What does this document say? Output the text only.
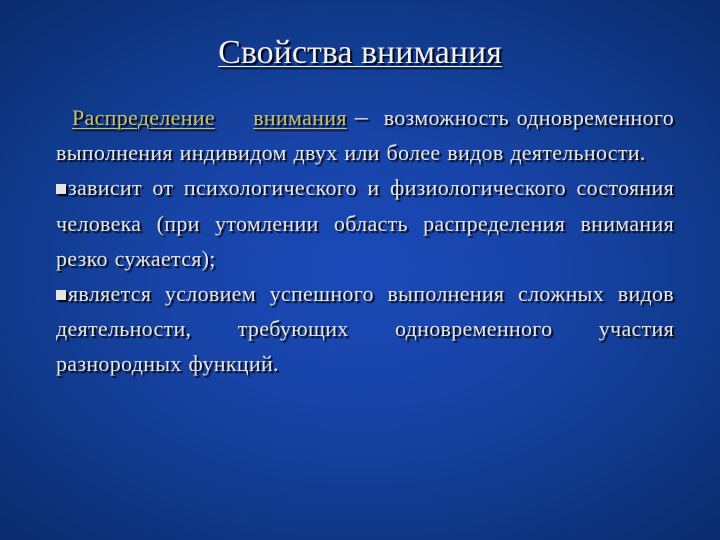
Свойства внимания

Распределение внимания – возможность одновременного выполнения индивидом двух или более видов деятельности.

зависит от психологического и физиологического состояния человека (при утомлении область распределения внимания резко сужается);

является условием успешного выполнения сложных видов деятельности, требующих одновременного участия разнородных функций.
